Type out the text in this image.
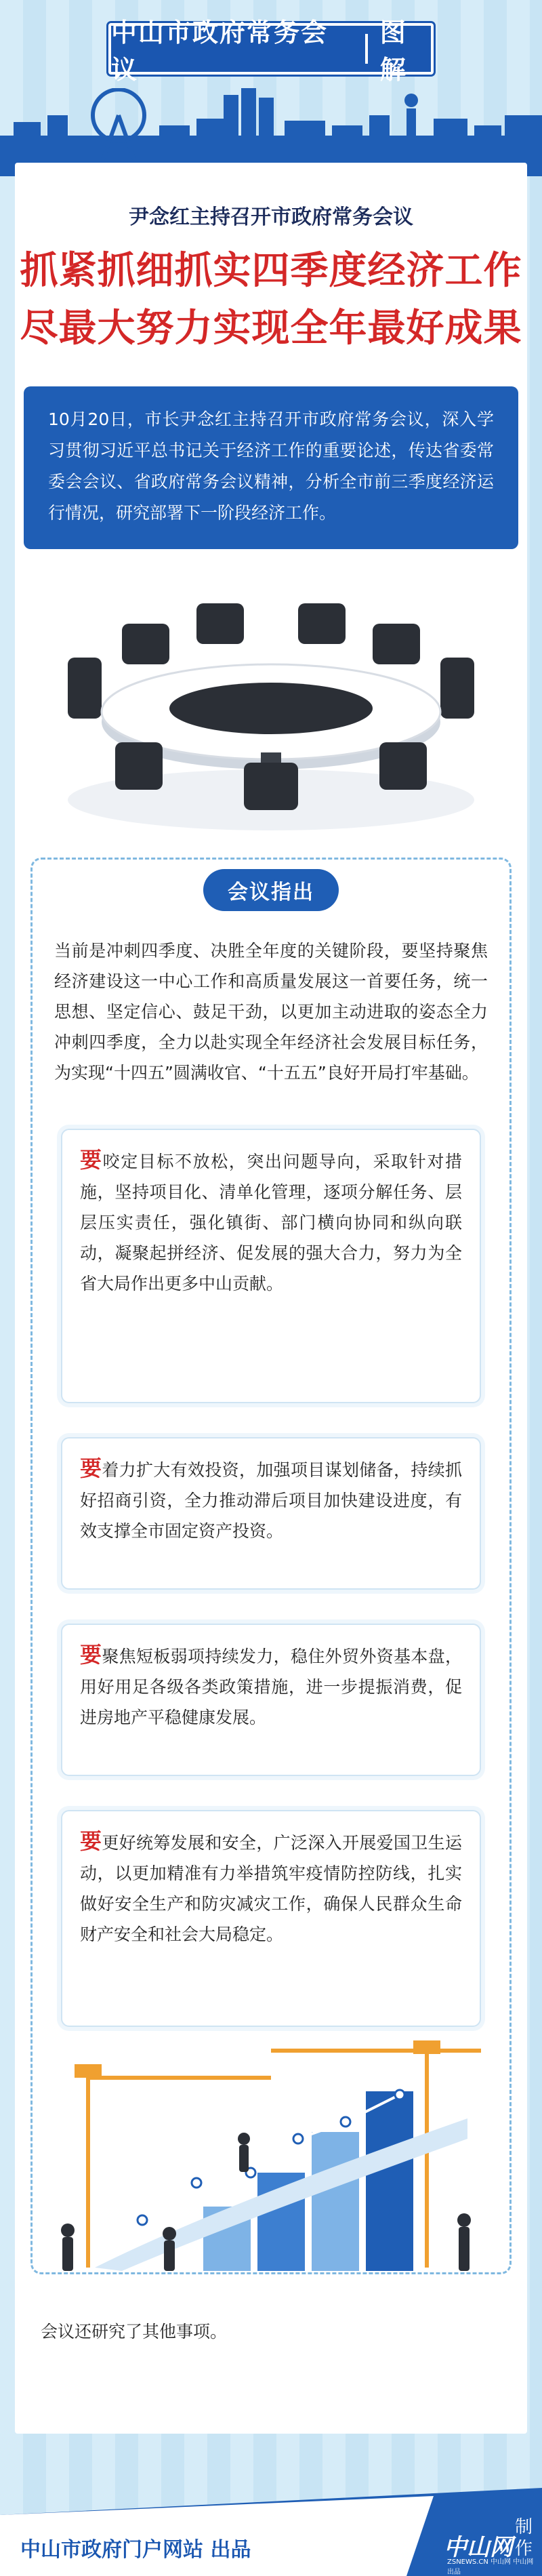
中山市政府常务会议
图解
尹念红主持召开市政府常务会议
抓紧抓细抓实四季度经济工作
尽最大努力实现全年最好成果
10月20日，市长尹念红主持召开市政府常务会议，深入学习贯彻习近平总书记关于经济工作的重要论述，传达省委常委会会议、省政府常务会议精神，分析全市前三季度经济运行情况，研究部署下一阶段经济工作。
会议指出
当前是冲刺四季度、决胜全年度的关键阶段，要坚持聚焦经济建设这一中心工作和高质量发展这一首要任务，统一思想、坚定信心、鼓足干劲，以更加主动进取的姿态全力冲刺四季度，全力以赴实现全年经济社会发展目标任务，为实现“十四五”圆满收官、“十五五”良好开局打牢基础。
要咬定目标不放松，突出问题导向，采取针对措施，坚持项目化、清单化管理，逐项分解任务、层层压实责任，强化镇街、部门横向协同和纵向联动，凝聚起拼经济、促发展的强大合力，努力为全省大局作出更多中山贡献。
要着力扩大有效投资，加强项目谋划储备，持续抓好招商引资，全力推动滞后项目加快建设进度，有效支撑全市固定资产投资。
要聚焦短板弱项持续发力，稳住外贸外资基本盘，用好用足各级各类政策措施，进一步提振消费，促进房地产平稳健康发展。
要更好统筹发展和安全，广泛深入开展爱国卫生运动，以更加精准有力举措筑牢疫情防控防线，扎实做好安全生产和防灾减灾工作，确保人民群众生命财产安全和社会大局稳定。
会议还研究了其他事项。
中山市政府门户网站 出品	中山网
ZSNEWS.CN 中山网 中山网 出品
制作
